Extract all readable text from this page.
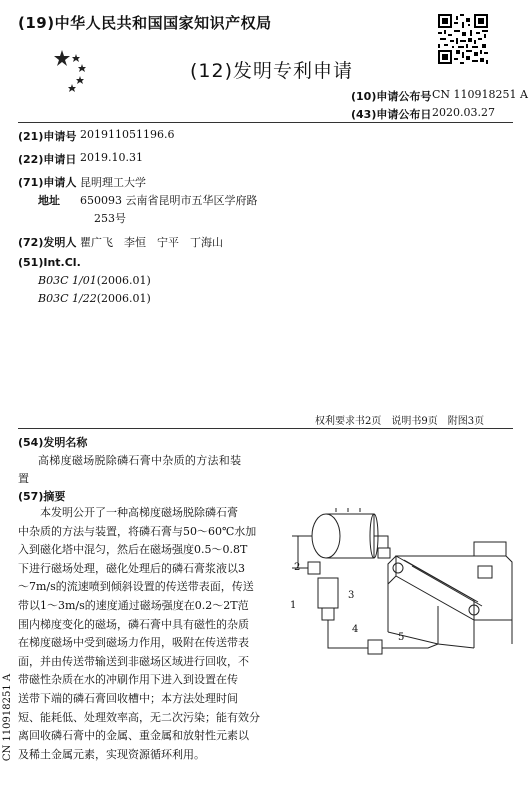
(19)中华人民共和国国家知识产权局
(12)发明专利申请
(10)申请公布号 CN 110918251 A
(43)申请公布日 2020.03.27
(21)申请号 201911051196.6
(22)申请日 2019.10.31
(71)申请人 昆明理工大学
地址 650093 云南省昆明市五华区学府路
253号
(72)发明人 瞿广飞　李恒　宁平　丁海山
(51)Int.Cl.
B03C 1/01(2006.01)
B03C 1/22(2006.01)
权利要求书2页　说明书9页　附图3页
(54)发明名称
高梯度磁场脱除磷石膏中杂质的方法和装
置
(57)摘要
本发明公开了一种高梯度磁场脱除磷石膏
中杂质的方法与装置，将磷石膏与50～60℃水加
入到磁化塔中混匀，然后在磁场强度0.5～0.8T
下进行磁场处理，磁化处理后的磷石膏浆液以3
～7m/s的流速喷到倾斜设置的传送带表面，传送
带以1～3m/s的速度通过磁场强度在0.2～2T范
围内梯度变化的磁场，磷石膏中具有磁性的杂质
在梯度磁场中受到磁场力作用，吸附在传送带表
面，并由传送带输送到非磁场区域进行回收，不
带磁性杂质在水的冲刷作用下进入到设置在传
送带下端的磷石膏回收槽中；本方法处理时间
短、能耗低、处理效率高，无二次污染；能有效分
离回收磷石膏中的金属、重金属和放射性元素以
及稀土金属元素，实现资源循环利用。
1
2
3
4
5
CN 110918251 A
